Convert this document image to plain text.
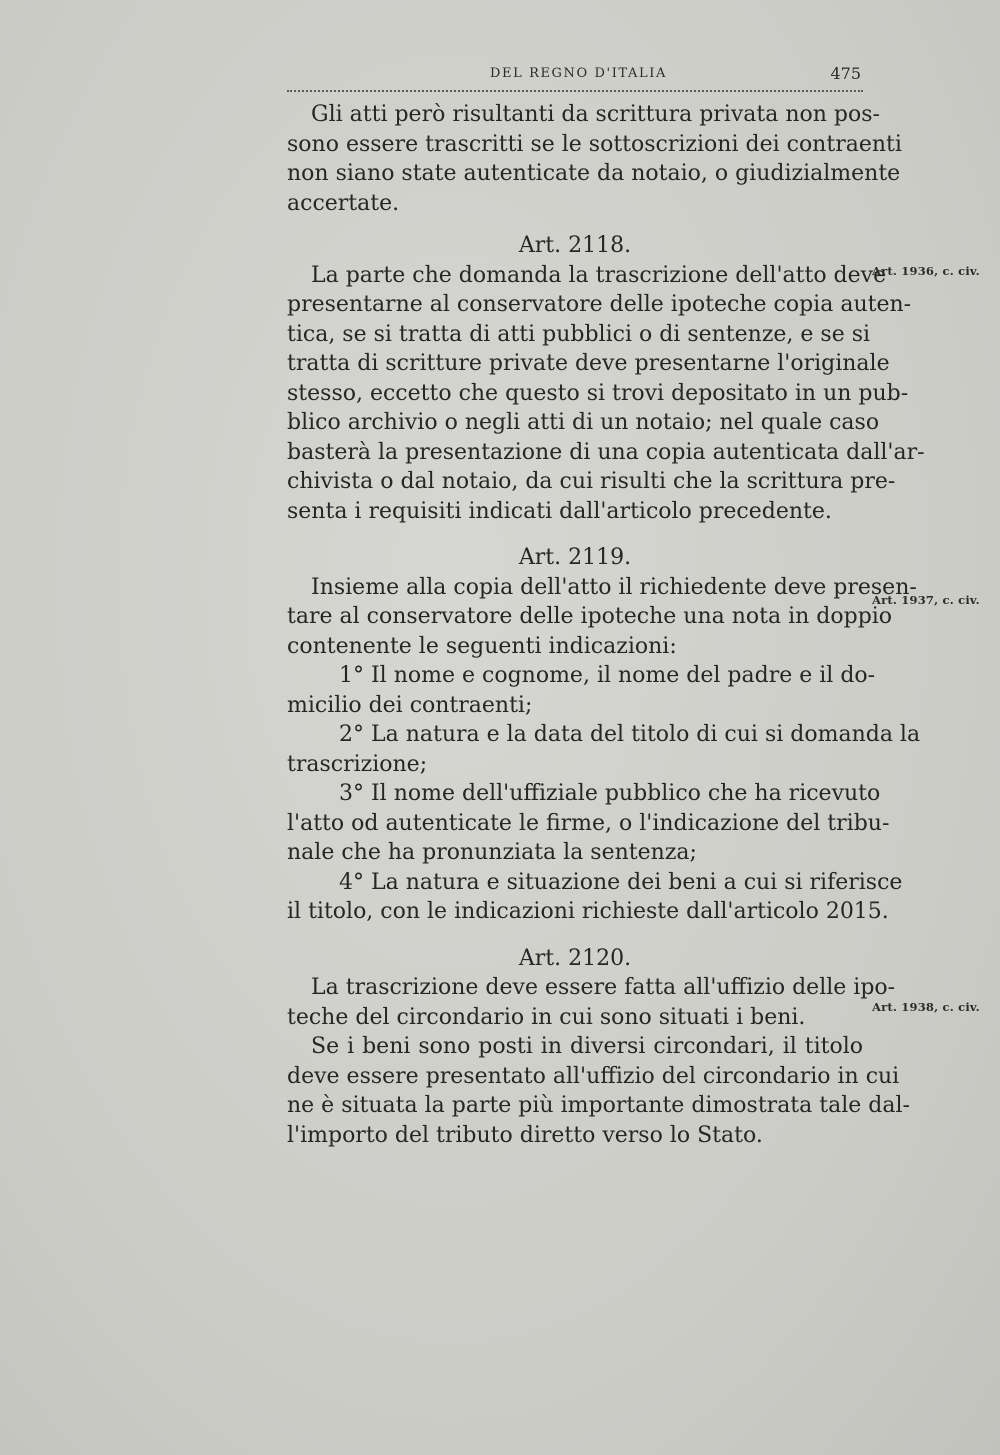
DEL REGNO D'ITALIA	475
Gli atti però risultanti da scrittura privata non pos-
sono essere trascritti se le sottoscrizioni dei contraenti
non siano state autenticate da notaio, o giudizialmente
accertate.
Art. 2118.
La parte che domanda la trascrizione dell'atto deve
presentarne al conservatore delle ipoteche copia auten-
tica, se si tratta di atti pubblici o di sentenze, e se si
tratta di scritture private deve presentarne l'originale
stesso, eccetto che questo si trovi depositato in un pub-
blico archivio o negli atti di un notaio; nel quale caso
basterà la presentazione di una copia autenticata dall'ar-
chivista o dal notaio, da cui risulti che la scrittura pre-
senta i requisiti indicati dall'articolo precedente.
Art. 2119.
Insieme alla copia dell'atto il richiedente deve presen-
tare al conservatore delle ipoteche una nota in doppio
contenente le seguenti indicazioni:
1° Il nome e cognome, il nome del padre e il do-
micilio dei contraenti;
2° La natura e la data del titolo di cui si domanda la
trascrizione;
3° Il nome dell'uffiziale pubblico che ha ricevuto
l'atto od autenticate le firme, o l'indicazione del tribu-
nale che ha pronunziata la sentenza;
4° La natura e situazione dei beni a cui si riferisce
il titolo, con le indicazioni richieste dall'articolo 2015.
Art. 2120.
La trascrizione deve essere fatta all'uffizio delle ipo-
teche del circondario in cui sono situati i beni.
Se i beni sono posti in diversi circondari, il titolo
deve essere presentato all'uffizio del circondario in cui
ne è situata la parte più importante dimostrata tale dal-
l'importo del tributo diretto verso lo Stato.
Art. 1936, c. civ.
Art. 1937, c. civ.
Art. 1938, c. civ.
